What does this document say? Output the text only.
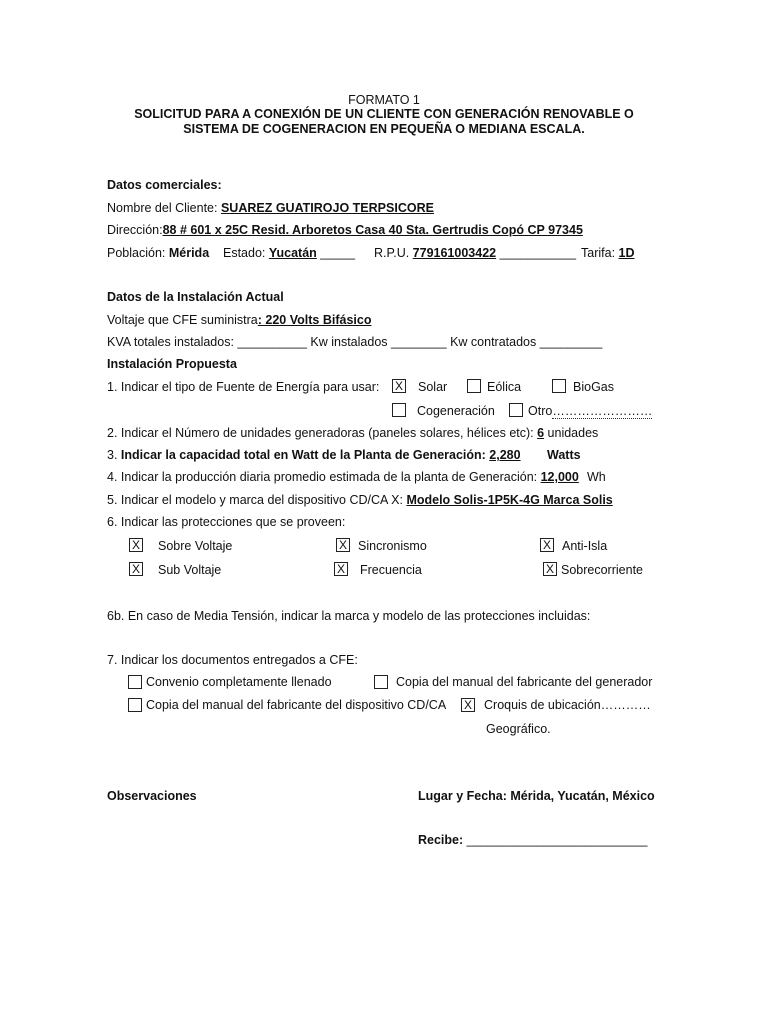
FORMATO 1
SOLICITUD PARA A CONEXIÓN DE UN CLIENTE CON GENERACIÓN RENOVABLE O
SISTEMA DE COGENERACION EN PEQUEÑA O MEDIANA ESCALA.
Datos comerciales:
Nombre del Cliente: SUAREZ GUATIROJO TERPSICORE
Dirección:88 # 601 x 25C Resid. Arboretos Casa 40 Sta. Gertrudis Copó CP 97345
Población: Mérida Estado: Yucatán _____ R.P.U. 779161003422 ___________ Tarifa: 1D
Datos de la Instalación Actual
Voltaje que CFE suministra: 220 Volts Bifásico
KVA totales instalados: __________ Kw instalados ________ Kw contratados _________
Instalación Propuesta
1. Indicar el tipo de Fuente de Energía para usar: X Solar	Eólica	BioGas
Cogeneración	Otro……………………
2. Indicar el Número de unidades generadoras (paneles solares, hélices etc): 6 unidades
3. Indicar la capacidad total en Watt de la Planta de Generación: 2,280 Watts
4. Indicar la producción diaria promedio estimada de la planta de Generación: 12,000 Wh
5. Indicar el modelo y marca del dispositivo CD/CA X: Modelo Solis-1P5K-4G Marca Solis
6. Indicar las protecciones que se proveen:
X Sobre Voltaje	X Sincronismo	X Anti-Isla
X Sub Voltaje	X Frecuencia	X Sobrecorriente
6b. En caso de Media Tensión, indicar la marca y modelo de las protecciones incluidas:
7. Indicar los documentos entregados a CFE:
Convenio completamente llenado	Copia del manual del fabricante del generador
Copia del manual del fabricante del dispositivo CD/CA X Croquis de ubicación…………
Geográfico.
Observaciones	Lugar y Fecha: Mérida, Yucatán, México
Recibe: __________________________
